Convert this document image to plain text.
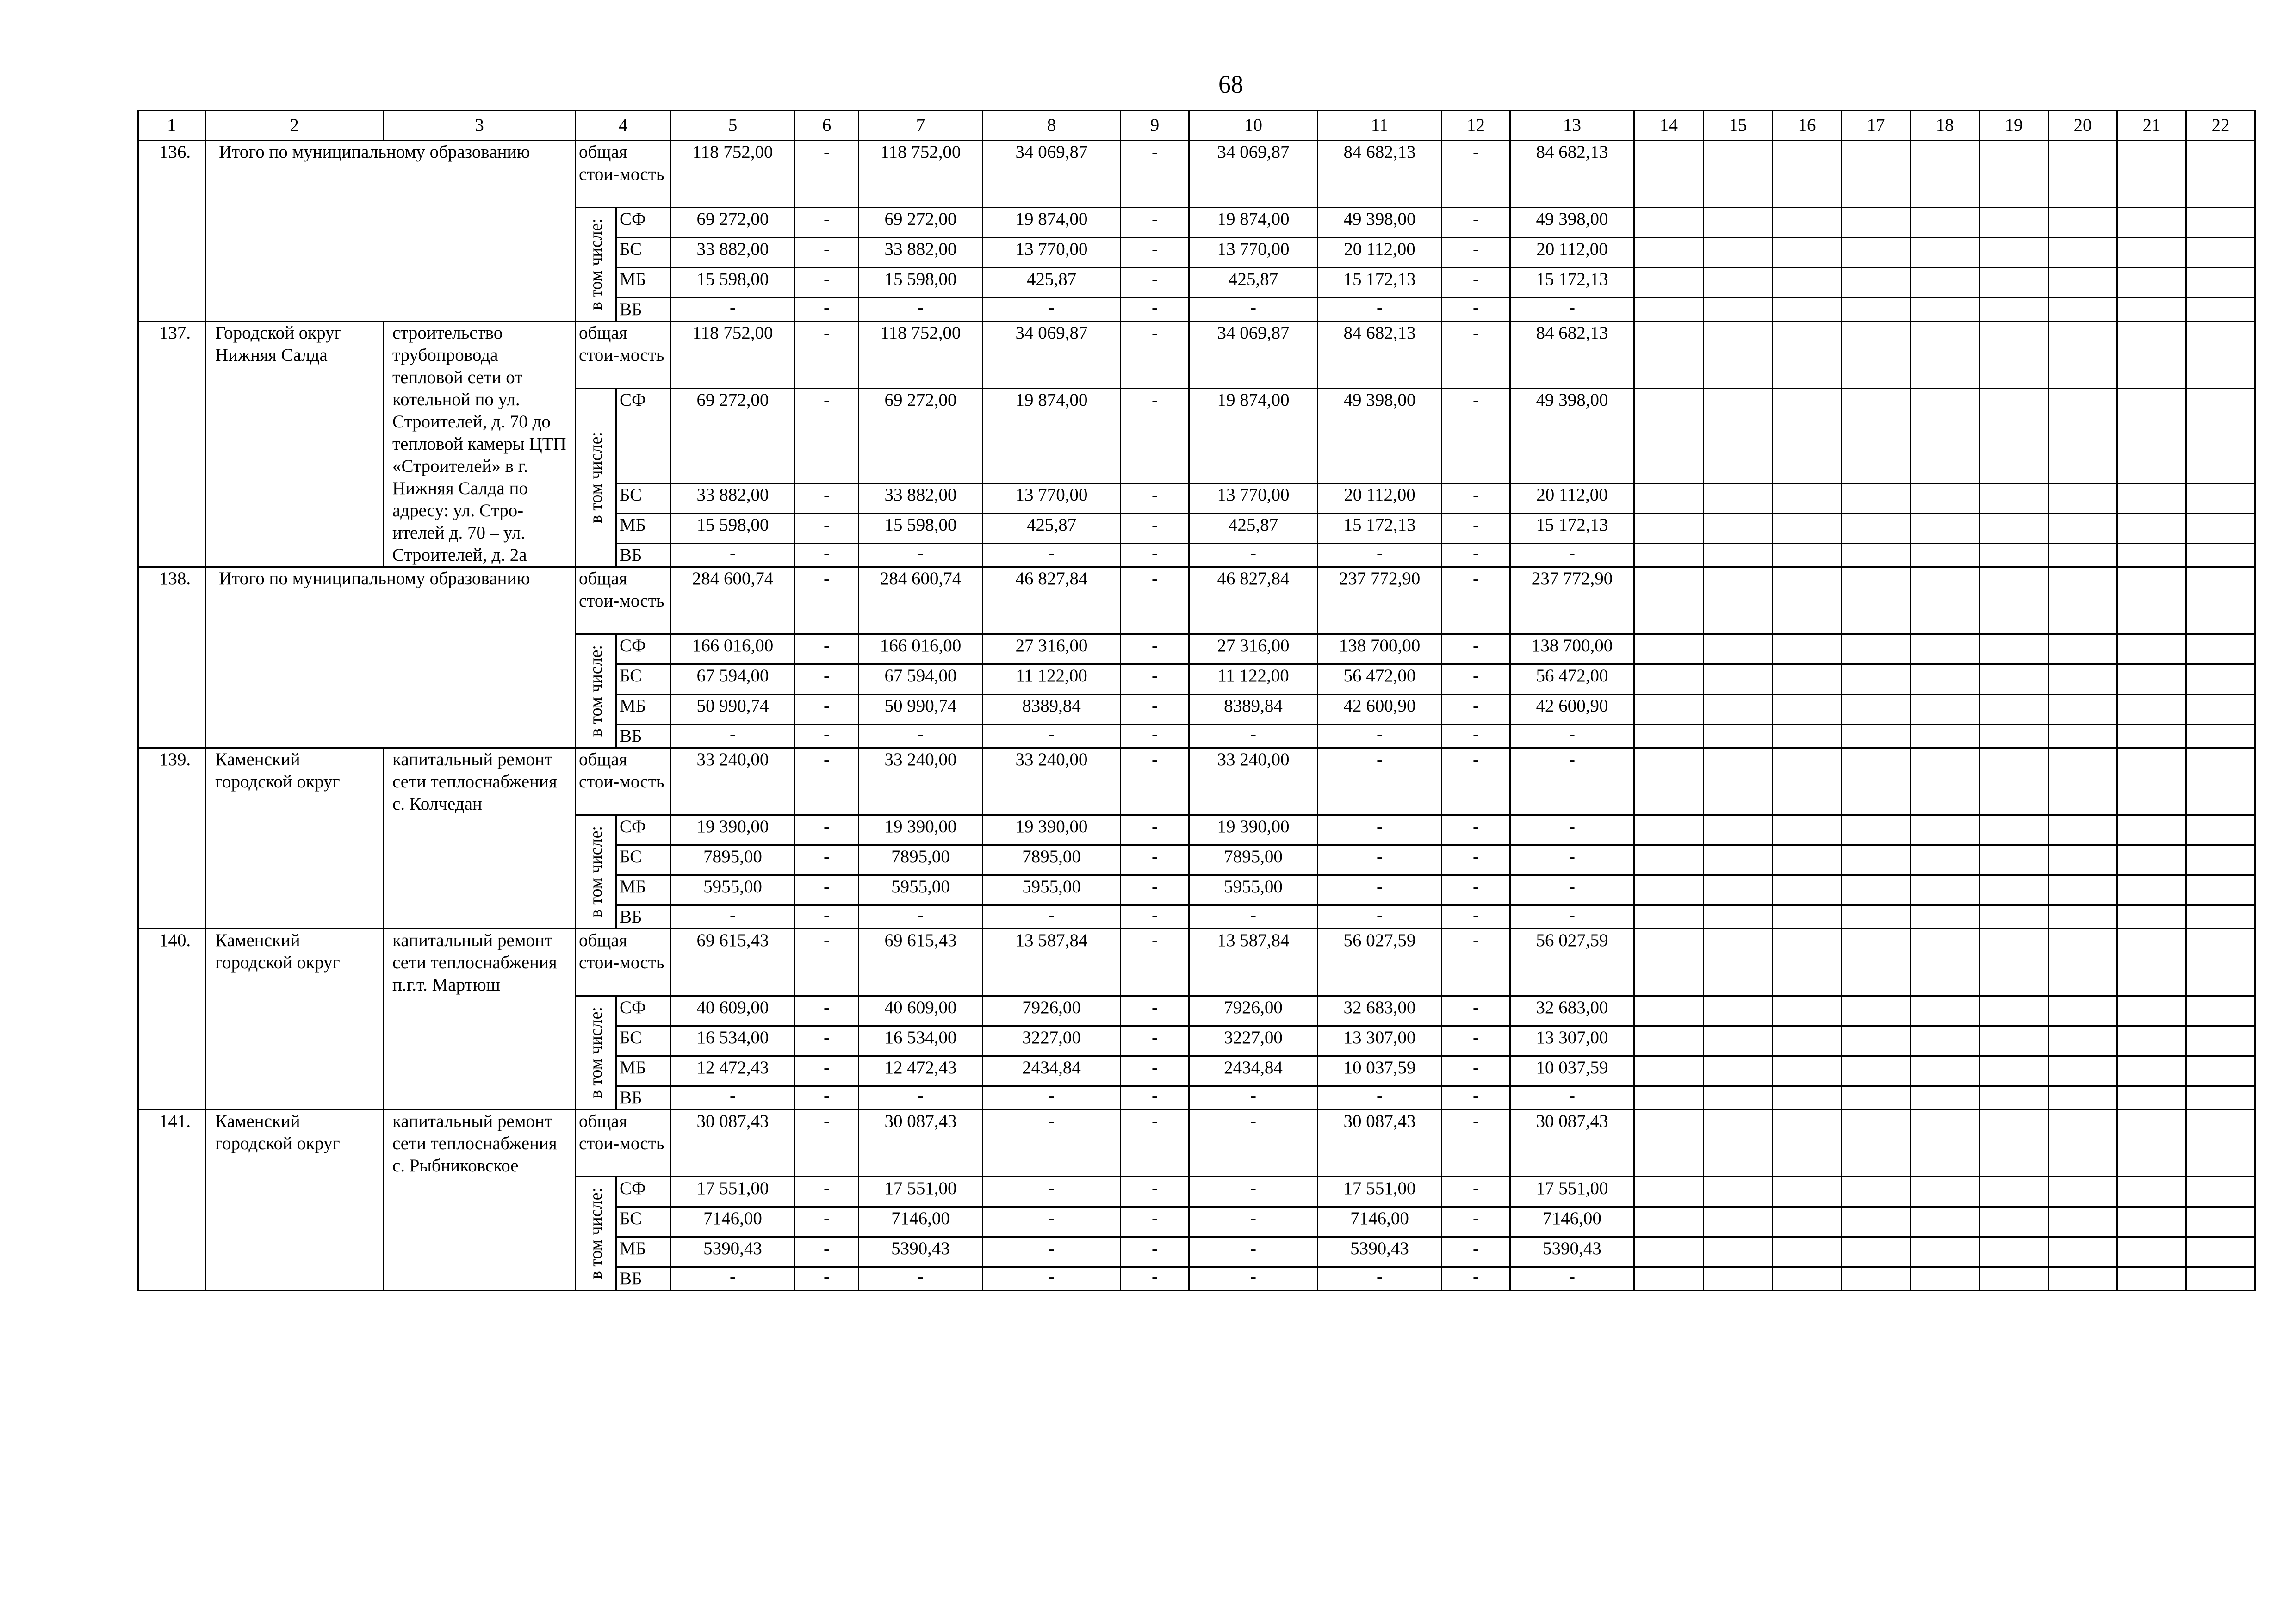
68
1	2	3	4		5	6	7	8	9	10	11	12	13	14	15	16	17	18	19	20	21	22
136.	Итого по муниципальному образованию		общая стои-мость		118 752,00	-	118 752,00	34 069,87	-	34 069,87	84 682,13	-	84 682,13									

			в том числе:	СФ	69 272,00	-	69 272,00	19 874,00	-	19 874,00	49 398,00	-	49 398,00									
				БС	33 882,00	-	33 882,00	13 770,00	-	13 770,00	20 112,00	-	20 112,00									
				МБ	15 598,00	-	15 598,00	425,87	-	425,87	15 172,13	-	15 172,13									
				ВБ	-	-	-	-	-	-	-	-	-									
137.	Городской округ Нижняя Салда	строительство трубопровода тепловой сети от котельной по ул. Строителей, д. 70 до тепловой камеры ЦТП «Строителей» в г. Нижняя Салда по адресу: ул. Стро-ителей д. 70 – ул. Строителей, д. 2а	общая стои-мость		118 752,00	-	118 752,00	34 069,87	-	34 069,87	84 682,13	-	84 682,13									

			в том числе:	СФ	69 272,00	-	69 272,00	19 874,00	-	19 874,00	49 398,00	-	49 398,00									
				БС	33 882,00	-	33 882,00	13 770,00	-	13 770,00	20 112,00	-	20 112,00									
				МБ	15 598,00	-	15 598,00	425,87	-	425,87	15 172,13	-	15 172,13									
				ВБ	-	-	-	-	-	-	-	-	-									
138.	Итого по муниципальному образованию		общая стои-мость		284 600,74	-	284 600,74	46 827,84	-	46 827,84	237 772,90	-	237 772,90									

			в том числе:	СФ	166 016,00	-	166 016,00	27 316,00	-	27 316,00	138 700,00	-	138 700,00									
				БС	67 594,00	-	67 594,00	11 122,00	-	11 122,00	56 472,00	-	56 472,00									
				МБ	50 990,74	-	50 990,74	8389,84	-	8389,84	42 600,90	-	42 600,90									
				ВБ	-	-	-	-	-	-	-	-	-									
139.	Каменский городской округ	капитальный ремонт сети теплоснабжения с. Колчедан	общая стои-мость		33 240,00	-	33 240,00	33 240,00	-	33 240,00	-	-	-									

			в том числе:	СФ	19 390,00	-	19 390,00	19 390,00	-	19 390,00	-	-	-									
				БС	7895,00	-	7895,00	7895,00	-	7895,00	-	-	-									
				МБ	5955,00	-	5955,00	5955,00	-	5955,00	-	-	-									
				ВБ	-	-	-	-	-	-	-	-	-									
140.	Каменский городской округ	капитальный ремонт сети теплоснабжения п.г.т. Мартюш	общая стои-мость		69 615,43	-	69 615,43	13 587,84	-	13 587,84	56 027,59	-	56 027,59									

			в том числе:	СФ	40 609,00	-	40 609,00	7926,00	-	7926,00	32 683,00	-	32 683,00									
				БС	16 534,00	-	16 534,00	3227,00	-	3227,00	13 307,00	-	13 307,00									
				МБ	12 472,43	-	12 472,43	2434,84	-	2434,84	10 037,59	-	10 037,59									
				ВБ	-	-	-	-	-	-	-	-	-									
141.	Каменский городской округ	капитальный ремонт сети теплоснабжения с. Рыбниковское	общая стои-мость		30 087,43	-	30 087,43	-	-	-	30 087,43	-	30 087,43									

			в том числе:	СФ	17 551,00	-	17 551,00	-	-	-	17 551,00	-	17 551,00									
				БС	7146,00	-	7146,00	-	-	-	7146,00	-	7146,00									
				МБ	5390,43	-	5390,43	-	-	-	5390,43	-	5390,43									
				ВБ	-	-	-	-	-	-	-	-	-									
